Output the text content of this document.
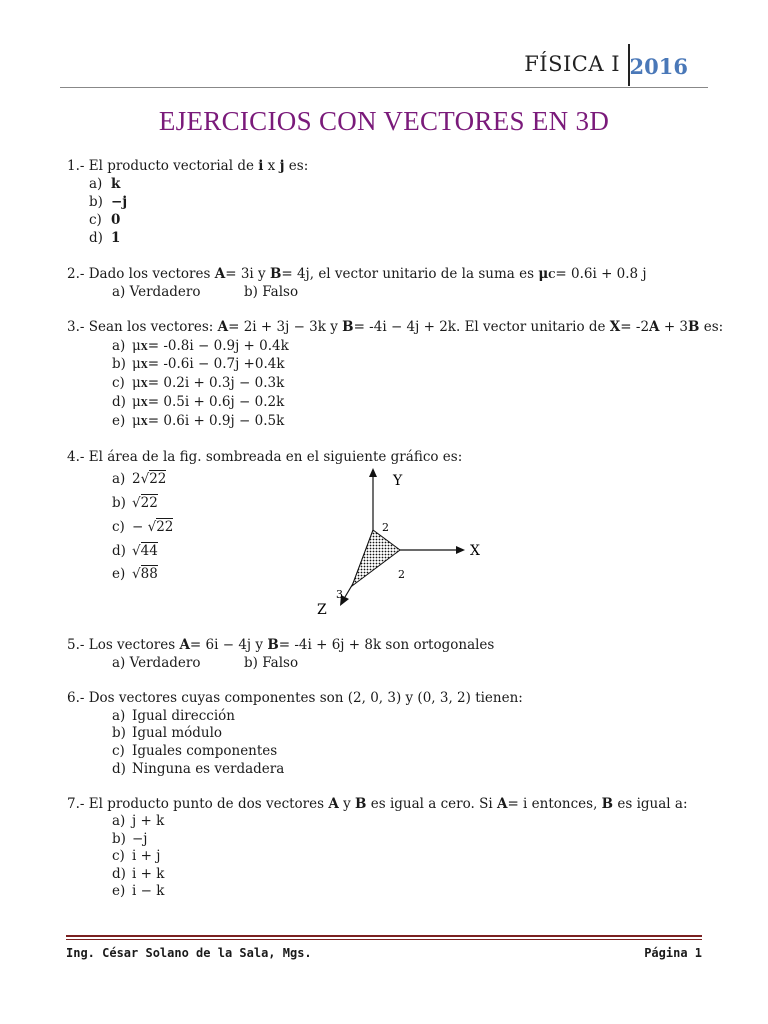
FÍSICA I 2016
EJERCICIOS CON VECTORES EN 3D
1.- El producto vectorial de i x j es:
a) k
b) −j
c) 0
d) 1
2.- Dado los vectores A= 3i y B= 4j, el vector unitario de la suma es μC= 0.6i + 0.8 j
a) Verdadero	b) Falso
3.- Sean los vectores: A= 2i + 3j − 3k y B= -4i − 4j + 2k. El vector unitario de X= -2A + 3B es:
a) μX= -0.8i − 0.9j + 0.4k
b) μX= -0.6i − 0.7j +0.4k
c) μX= 0.2i + 0.3j − 0.3k
d) μX= 0.5i + 0.6j − 0.2k
e) μX= 0.6i + 0.9j − 0.5k
4.- El área de la fig. sombreada en el siguiente gráfico es:
a) 2√22
b) √22
c) − √22
d) √44
e) √88
Y
X
Z
2
2
3
5.- Los vectores A= 6i − 4j y B= -4i + 6j + 8k son ortogonales
a) Verdadero	b) Falso
6.- Dos vectores cuyas componentes son (2, 0, 3) y (0, 3, 2) tienen:
a) Igual dirección
b) Igual módulo
c) Iguales componentes
d) Ninguna es verdadera
7.- El producto punto de dos vectores A y B es igual a cero. Si A= i entonces, B es igual a:
a) j + k
b) −j
c) i + j
d) i + k
e) i − k
Ing. César Solano de la Sala, Mgs.	Página 1
